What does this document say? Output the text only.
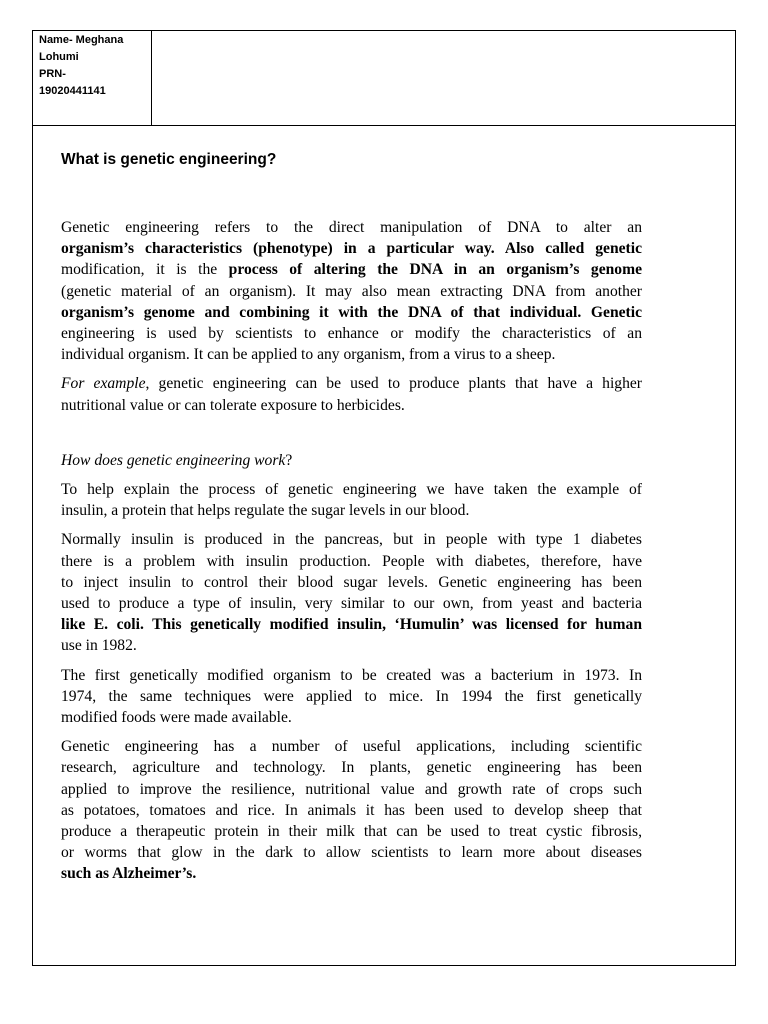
Name- Meghana
Lohumi
PRN-
19020441141
What is genetic engineering?

Genetic engineering refers to the direct manipulation of DNA to alter an
organism’s characteristics (phenotype) in a particular way. Also called genetic
modification, it is the process of altering the DNA in an organism’s genome
(genetic material of an organism). It may also mean extracting DNA from another
organism’s genome and combining it with the DNA of that individual. Genetic
engineering is used by scientists to enhance or modify the characteristics of an
individual organism. It can be applied to any organism, from a virus to a sheep.

For example, genetic engineering can be used to produce plants that have a higher
nutritional value or can tolerate exposure to herbicides.

How does genetic engineering work?

To help explain the process of genetic engineering we have taken the example of
insulin, a protein that helps regulate the sugar levels in our blood.

Normally insulin is produced in the pancreas, but in people with type 1 diabetes
there is a problem with insulin production. People with diabetes, therefore, have
to inject insulin to control their blood sugar levels. Genetic engineering has been
used to produce a type of insulin, very similar to our own, from yeast and bacteria
like E. coli. This genetically modified insulin, ‘Humulin’ was licensed for human
use in 1982.

The first genetically modified organism to be created was a bacterium in 1973. In
1974, the same techniques were applied to mice. In 1994 the first genetically
modified foods were made available.

Genetic engineering has a number of useful applications, including scientific
research, agriculture and technology. In plants, genetic engineering has been
applied to improve the resilience, nutritional value and growth rate of crops such
as potatoes, tomatoes and rice. In animals it has been used to develop sheep that
produce a therapeutic protein in their milk that can be used to treat cystic fibrosis,
or worms that glow in the dark to allow scientists to learn more about diseases
such as Alzheimer’s.
